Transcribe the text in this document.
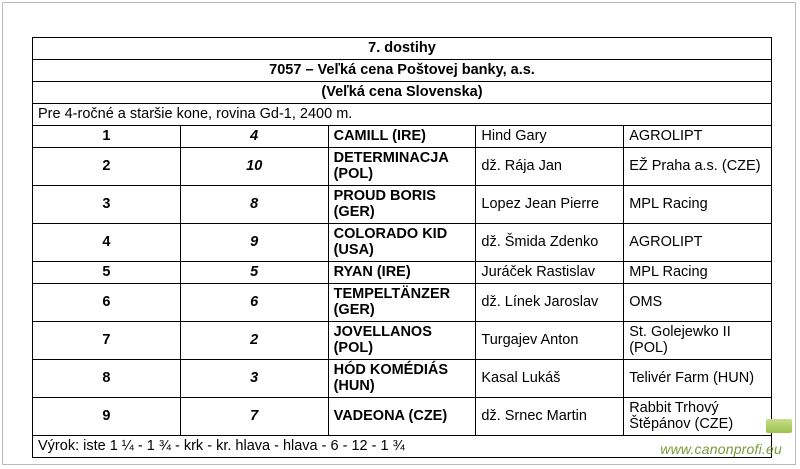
7. dostihy				
7057 – Veľká cena Poštovej banky, a.s.				
(Veľká cena Slovenska)				
Pre 4-ročné a staršie kone, rovina Gd-1, 2400 m.				
1	4	CAMILL (IRE)	Hind Gary	AGROLIPT
2	10	DETERMINACJA (POL)	dž. Rája Jan	EŽ Praha a.s. (CZE)
3	8	PROUD BORIS (GER)	Lopez Jean Pierre	MPL Racing
4	9	COLORADO KID (USA)	dž. Šmida Zdenko	AGROLIPT
5	5	RYAN (IRE)	Juráček Rastislav	MPL Racing
6	6	TEMPELTÄNZER (GER)	dž. Línek Jaroslav	OMS
7	2	JOVELLANOS (POL)	Turgajev Anton	St. Golejewko II (POL)
8	3	HÓD KOMÉDIÁS (HUN)	Kasal Lukáš	Telivér Farm (HUN)
9	7	VADEONA (CZE)	dž. Srnec Martin	Rabbit Trhový Štěpánov (CZE)
Výrok: iste 1 ¼ - 1 ¾ - krk - kr. hlava - hlava - 6 - 12 - 1 ¾					www.canonprofi.eu
